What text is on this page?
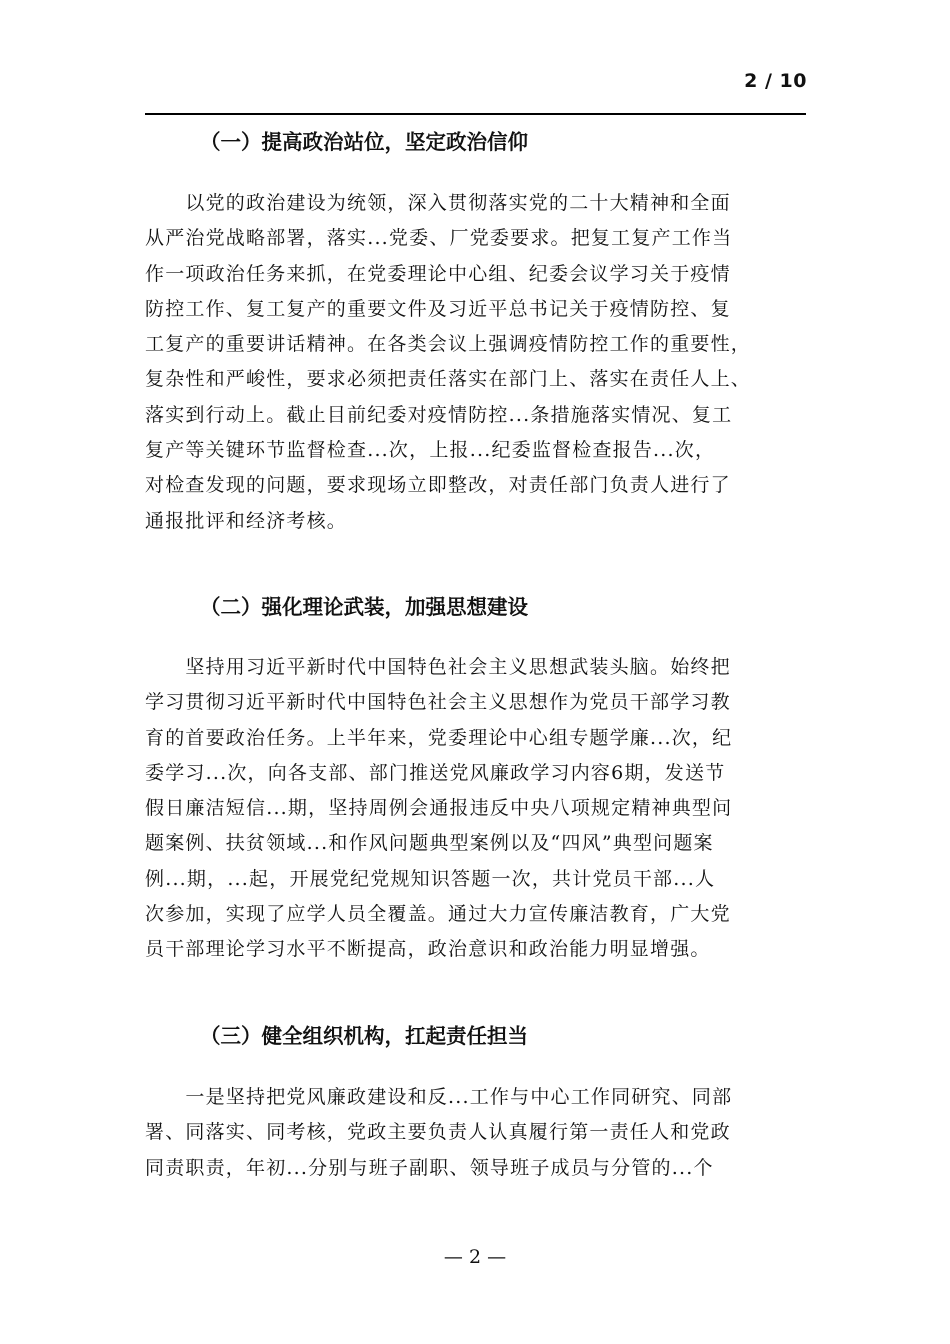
2 / 10
（一）提高政治站位，坚定政治信仰
　　以党的政治建设为统领，深入贯彻落实党的二十大精神和全面
从严治党战略部署，落实...党委、厂党委要求。把复工复产工作当
作一项政治任务来抓，在党委理论中心组、纪委会议学习关于疫情
防控工作、复工复产的重要文件及习近平总书记关于疫情防控、复
工复产的重要讲话精神。在各类会议上强调疫情防控工作的重要性，
复杂性和严峻性，要求必须把责任落实在部门上、落实在责任人上、
落实到行动上。截止目前纪委对疫情防控...条措施落实情况、复工
复产等关键环节监督检查...次，上报...纪委监督检查报告...次，
对检查发现的问题，要求现场立即整改，对责任部门负责人进行了
通报批评和经济考核。
（二）强化理论武装，加强思想建设
　　坚持用习近平新时代中国特色社会主义思想武装头脑。始终把
学习贯彻习近平新时代中国特色社会主义思想作为党员干部学习教
育的首要政治任务。上半年来，党委理论中心组专题学廉...次，纪
委学习...次，向各支部、部门推送党风廉政学习内容6期，发送节
假日廉洁短信...期，坚持周例会通报违反中央八项规定精神典型问
题案例、扶贫领域...和作风问题典型案例以及“四风”典型问题案
例...期，...起，开展党纪党规知识答题一次，共计党员干部...人
次参加，实现了应学人员全覆盖。通过大力宣传廉洁教育，广大党
员干部理论学习水平不断提高，政治意识和政治能力明显增强。
（三）健全组织机构，扛起责任担当
　　一是坚持把党风廉政建设和反...工作与中心工作同研究、同部
署、同落实、同考核，党政主要负责人认真履行第一责任人和党政
同责职责，年初...分别与班子副职、领导班子成员与分管的...个
— 2 —
